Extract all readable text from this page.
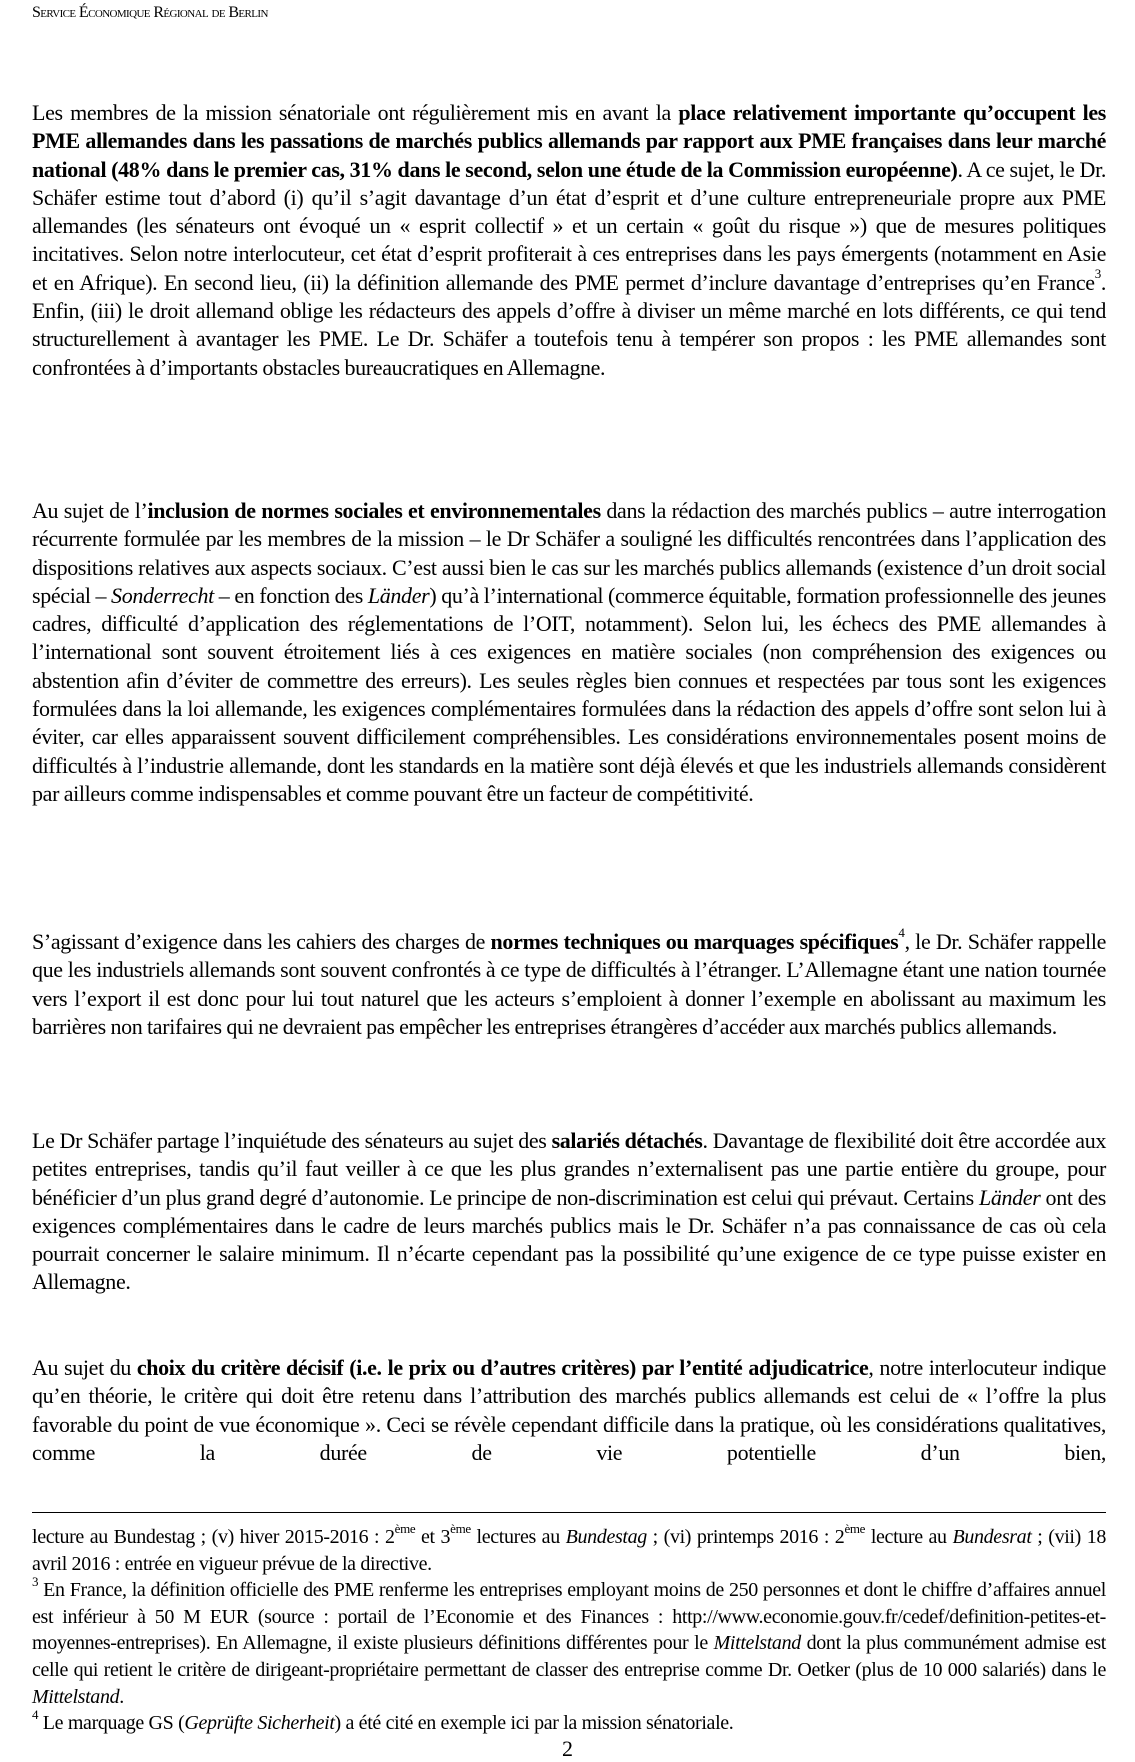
Service Économique Régional de Berlin
Les membres de la mission sénatoriale ont régulièrement mis en avant la place relativement importante qu’occupent les PME allemandes dans les passations de marchés publics allemands par rapport aux PME françaises dans leur marché national (48% dans le premier cas, 31% dans le second, selon une étude de la Commission européenne). A ce sujet, le Dr. Schäfer estime tout d’abord (i) qu’il s’agit davantage d’un état d’esprit et d’une culture entrepreneuriale propre aux PME allemandes (les sénateurs ont évoqué un « esprit collectif » et un certain « goût du risque ») que de mesures politiques incitatives. Selon notre interlocuteur, cet état d’esprit profiterait à ces entreprises dans les pays émergents (notamment en Asie et en Afrique). En second lieu, (ii) la définition allemande des PME permet d’inclure davantage d’entreprises qu’en France$^3$. Enfin, (iii) le droit allemand oblige les rédacteurs des appels d’offre à diviser un même marché en lots différents, ce qui tend structurellement à avantager les PME. Le Dr. Schäfer a toutefois tenu à tempérer son propos : les PME allemandes sont confrontées à d’importants obstacles bureaucratiques en Allemagne.
Au sujet de l’inclusion de normes sociales et environnementales dans la rédaction des marchés publics – autre interrogation récurrente formulée par les membres de la mission – le Dr Schäfer a souligné les difficultés rencontrées dans l’application des dispositions relatives aux aspects sociaux. C’est aussi bien le cas sur les marchés publics allemands (existence d’un droit social spécial – Sonderrecht – en fonction des Länder) qu’à l’international (commerce équitable, formation professionnelle des jeunes cadres, difficulté d’application des réglementations de l’OIT, notamment). Selon lui, les échecs des PME allemandes à l’international sont souvent étroitement liés à ces exigences en matière sociales (non compréhension des exigences ou abstention afin d’éviter de commettre des erreurs). Les seules règles bien connues et respectées par tous sont les exigences formulées dans la loi allemande, les exigences complémentaires formulées dans la rédaction des appels d’offre sont selon lui à éviter, car elles apparaissent souvent difficilement compréhensibles. Les considérations environnementales posent moins de difficultés à l’industrie allemande, dont les standards en la matière sont déjà élevés et que les industriels allemands considèrent par ailleurs comme indispensables et comme pouvant être un facteur de compétitivité.
S’agissant d’exigence dans les cahiers des charges de normes techniques ou marquages spécifiques$^4$, le Dr. Schäfer rappelle que les industriels allemands sont souvent confrontés à ce type de difficultés à l’étranger. L’Allemagne étant une nation tournée vers l’export il est donc pour lui tout naturel que les acteurs s’emploient à donner l’exemple en abolissant au maximum les barrières non tarifaires qui ne devraient pas empêcher les entreprises étrangères d’accéder aux marchés publics allemands.
Le Dr Schäfer partage l’inquiétude des sénateurs au sujet des salariés détachés. Davantage de flexibilité doit être accordée aux petites entreprises, tandis qu’il faut veiller à ce que les plus grandes n’externalisent pas une partie entière du groupe, pour bénéficier d’un plus grand degré d’autonomie. Le principe de non-discrimination est celui qui prévaut. Certains Länder ont des exigences complémentaires dans le cadre de leurs marchés publics mais le Dr. Schäfer n’a pas connaissance de cas où cela pourrait concerner le salaire minimum. Il n’écarte cependant pas la possibilité qu’une exigence de ce type puisse exister en Allemagne.
Au sujet du choix du critère décisif (i.e. le prix ou d’autres critères) par l’entité adjudicatrice, notre interlocuteur indique qu’en théorie, le critère qui doit être retenu dans l’attribution des marchés publics allemands est celui de « l’offre la plus favorable du point de vue économique ». Ceci se révèle cependant difficile dans la pratique, où les considérations qualitatives, comme la durée de vie potentielle d’un bien,

lecture au Bundestag ; (v) hiver 2015-2016 : 2ème et 3ème lectures au Bundestag ; (vi) printemps 2016 : 2ème lecture au Bundesrat ; (vii) 18 avril 2016 : entrée en vigueur prévue de la directive.

$^3$ En France, la définition officielle des PME renferme les entreprises employant moins de 250 personnes et dont le chiffre d’affaires annuel est inférieur à 50 M EUR (source : portail de l’Economie et des Finances : http://www.economie.gouv.fr/cedef/definition-petites-et-moyennes-entreprises). En Allemagne, il existe plusieurs définitions différentes pour le Mittelstand dont la plus communément admise est celle qui retient le critère de dirigeant-propriétaire permettant de classer des entreprise comme Dr. Oetker (plus de 10 000 salariés) dans le Mittelstand.

$^4$ Le marquage GS (Geprüfte Sicherheit) a été cité en exemple ici par la mission sénatoriale.

2
